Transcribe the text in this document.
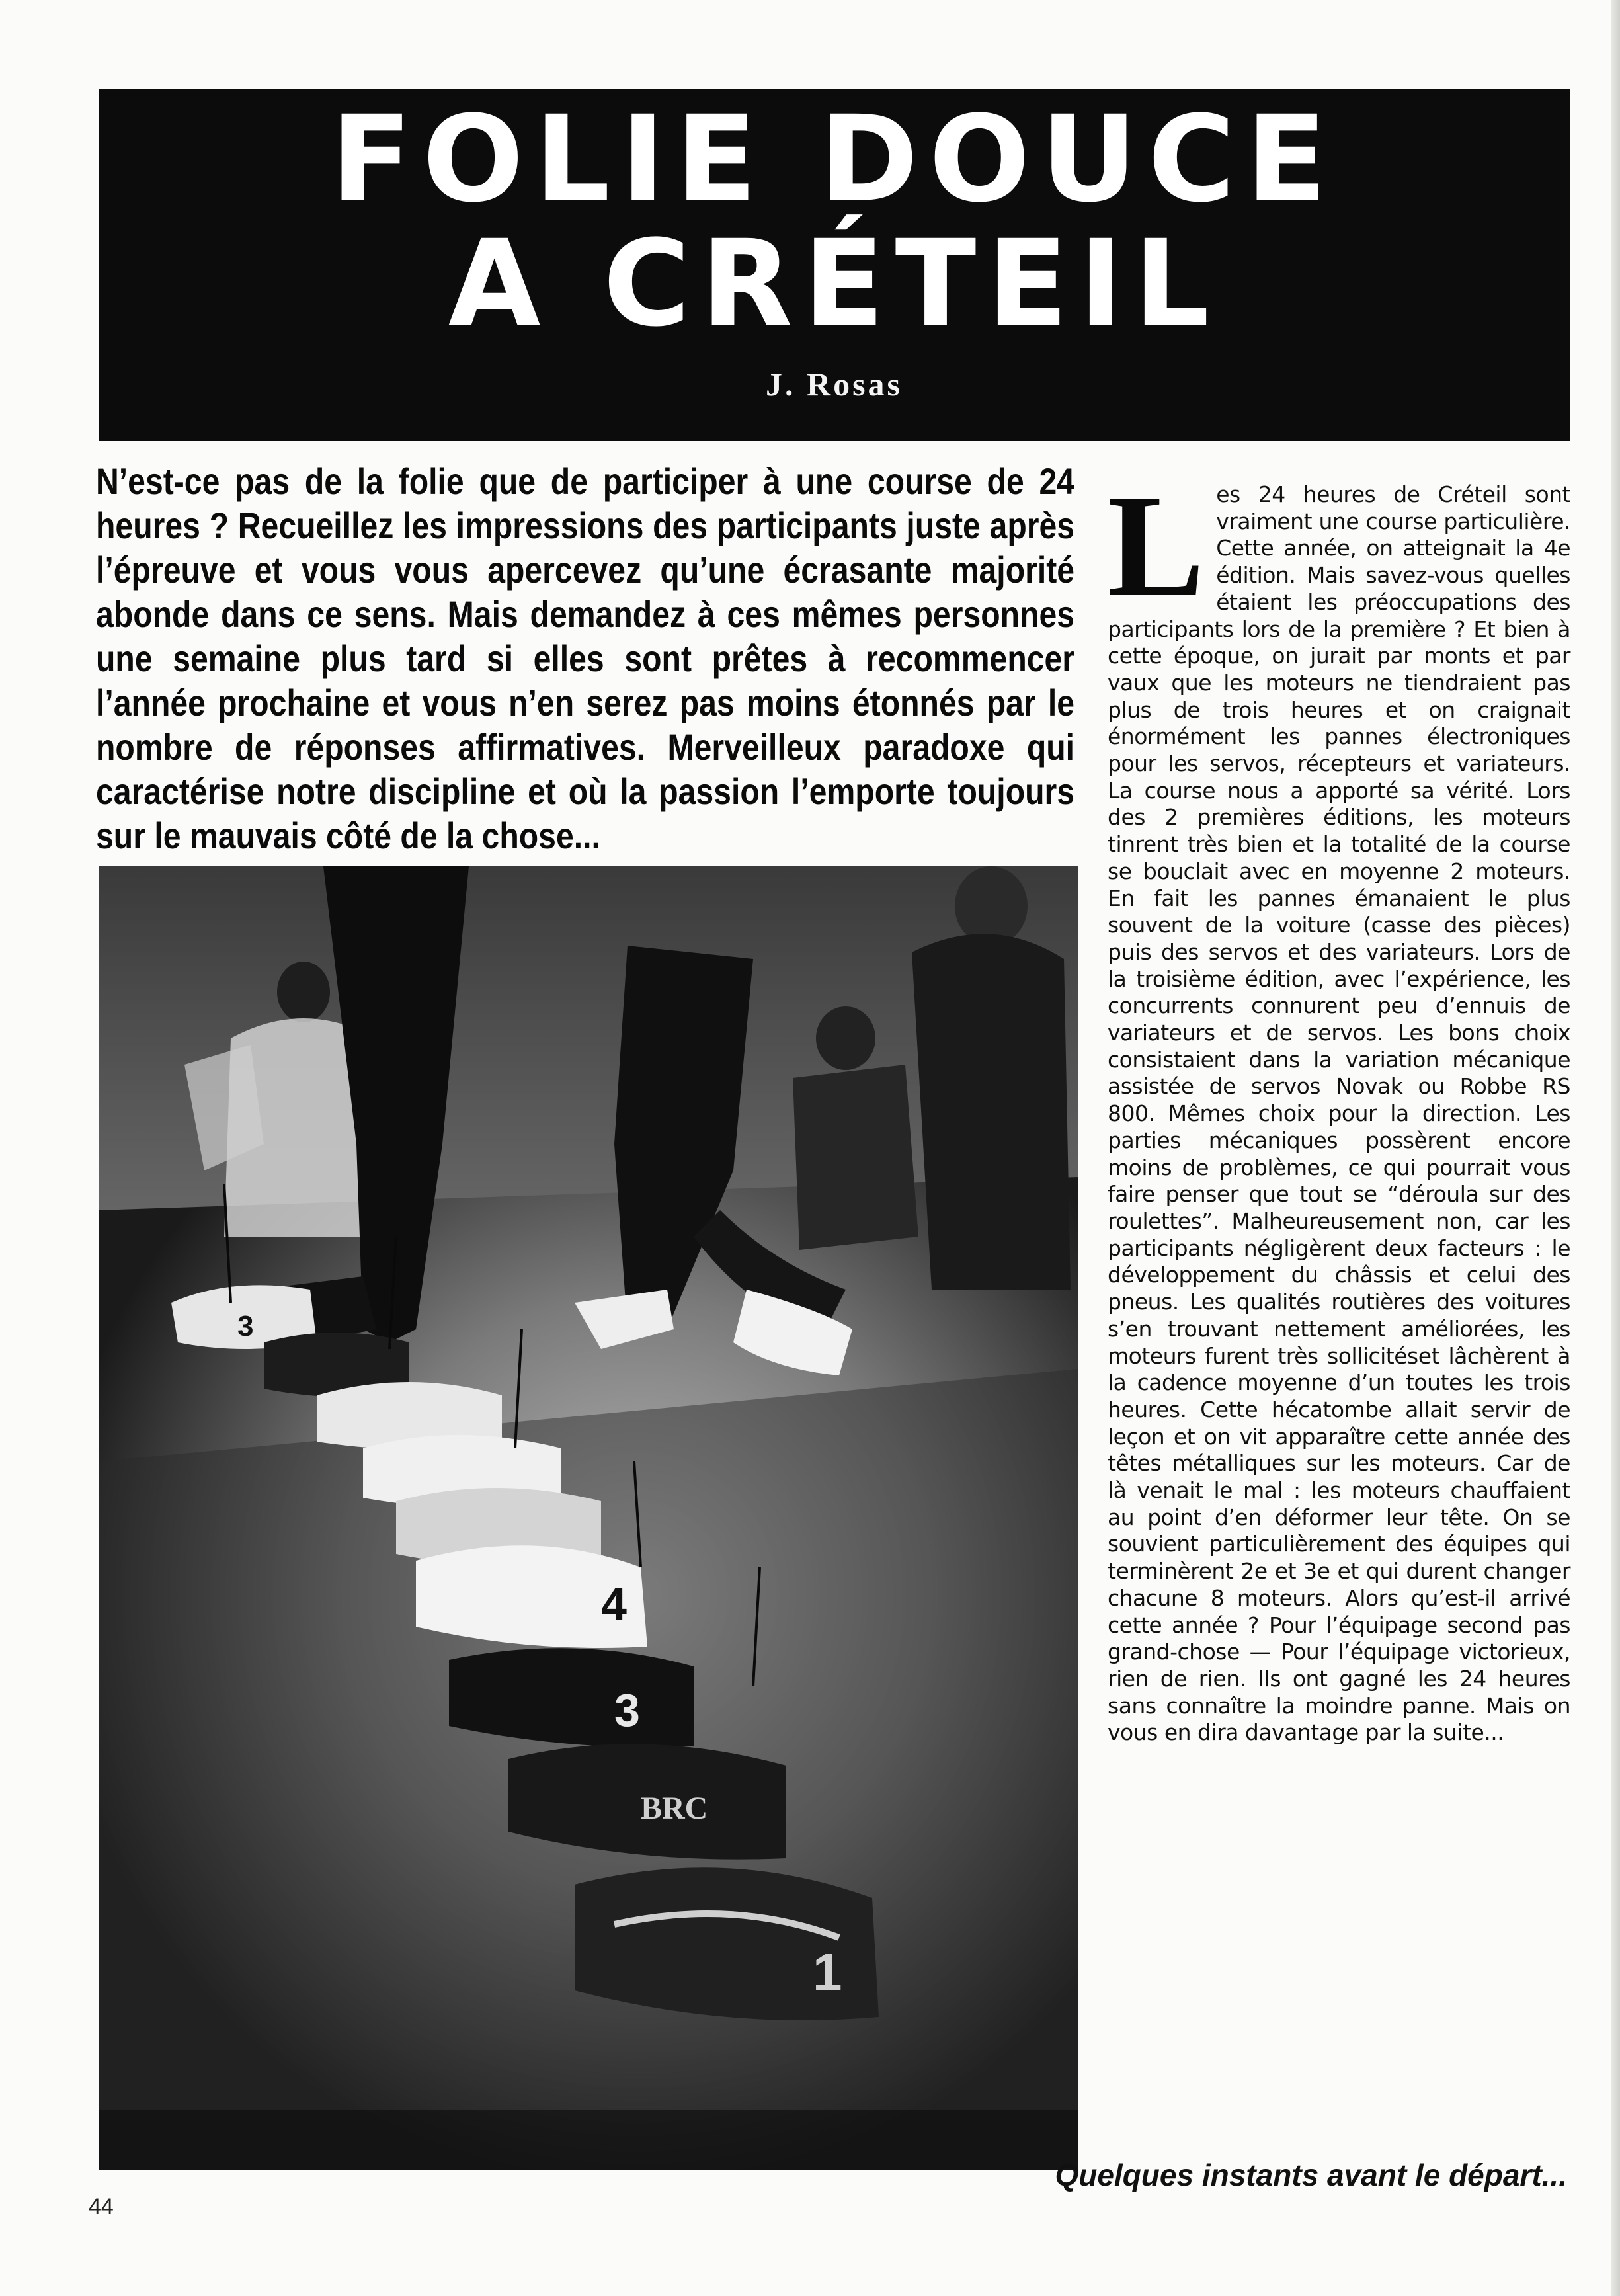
FOLIE DOUCE
A CRÉTEIL
J. Rosas

N’est-ce pas de la folie que de participer à une course de 24 heures ? Recueillez les impressions des participants juste après l’épreuve et vous vous apercevez qu’une écrasante majorité abonde dans ce sens. Mais demandez à ces mêmes personnes une semaine plus tard si elles sont prêtes à recommencer l’année prochaine et vous n’en serez pas moins étonnés par le nombre de réponses affirmatives. Merveilleux paradoxe qui caractérise notre discipline et où la passion l’emporte toujours sur le mauvais côté de la chose...

4
3
BRC
1
3
L es 24 heures de Créteil sont vraiment une course particulière. Cette année, on atteignait la 4e édition. Mais savez-vous quelles étaient les préoccupations des participants lors de la première ? Et bien à cette époque, on jurait par monts et par vaux que les moteurs ne tiendraient pas plus de trois heures et on craignait énormément les pannes électroniques pour les servos, récepteurs et variateurs. La course nous a apporté sa vérité. Lors des 2 premières éditions, les moteurs tinrent très bien et la totalité de la course se bouclait avec en moyenne 2 moteurs. En fait les pannes émanaient le plus souvent de la voiture (casse des pièces) puis des servos et des variateurs. Lors de la troisième édition, avec l’expérience, les concurrents connurent peu d’ennuis de variateurs et de servos. Les bons choix consistaient dans la variation mécanique assistée de servos Novak ou Robbe RS 800. Mêmes choix pour la direction. Les parties mécaniques possèrent encore moins de problèmes, ce qui pourrait vous faire penser que tout se “déroula sur des roulettes”. Malheureusement non, car les participants négligèrent deux facteurs : le développement du châssis et celui des pneus. Les qualités routières des voitures s’en trouvant nettement améliorées, les moteurs furent très sollicitéset lâchèrent à la cadence moyenne d’un toutes les trois heures. Cette hécatombe allait servir de leçon et on vit apparaître cette année des têtes métalliques sur les moteurs. Car de là venait le mal : les moteurs chauffaient au point d’en déformer leur tête. On se souvient particulièrement des équipes qui terminèrent 2e et 3e et qui durent changer chacune 8 moteurs. Alors qu’est-il arrivé cette année ? Pour l’équipage second pas grand-chose — Pour l’équipage victorieux, rien de rien. Ils ont gagné les 24 heures sans connaître la moindre panne. Mais on vous en dira davantage par la suite...
Quelques instants avant le départ...
44
